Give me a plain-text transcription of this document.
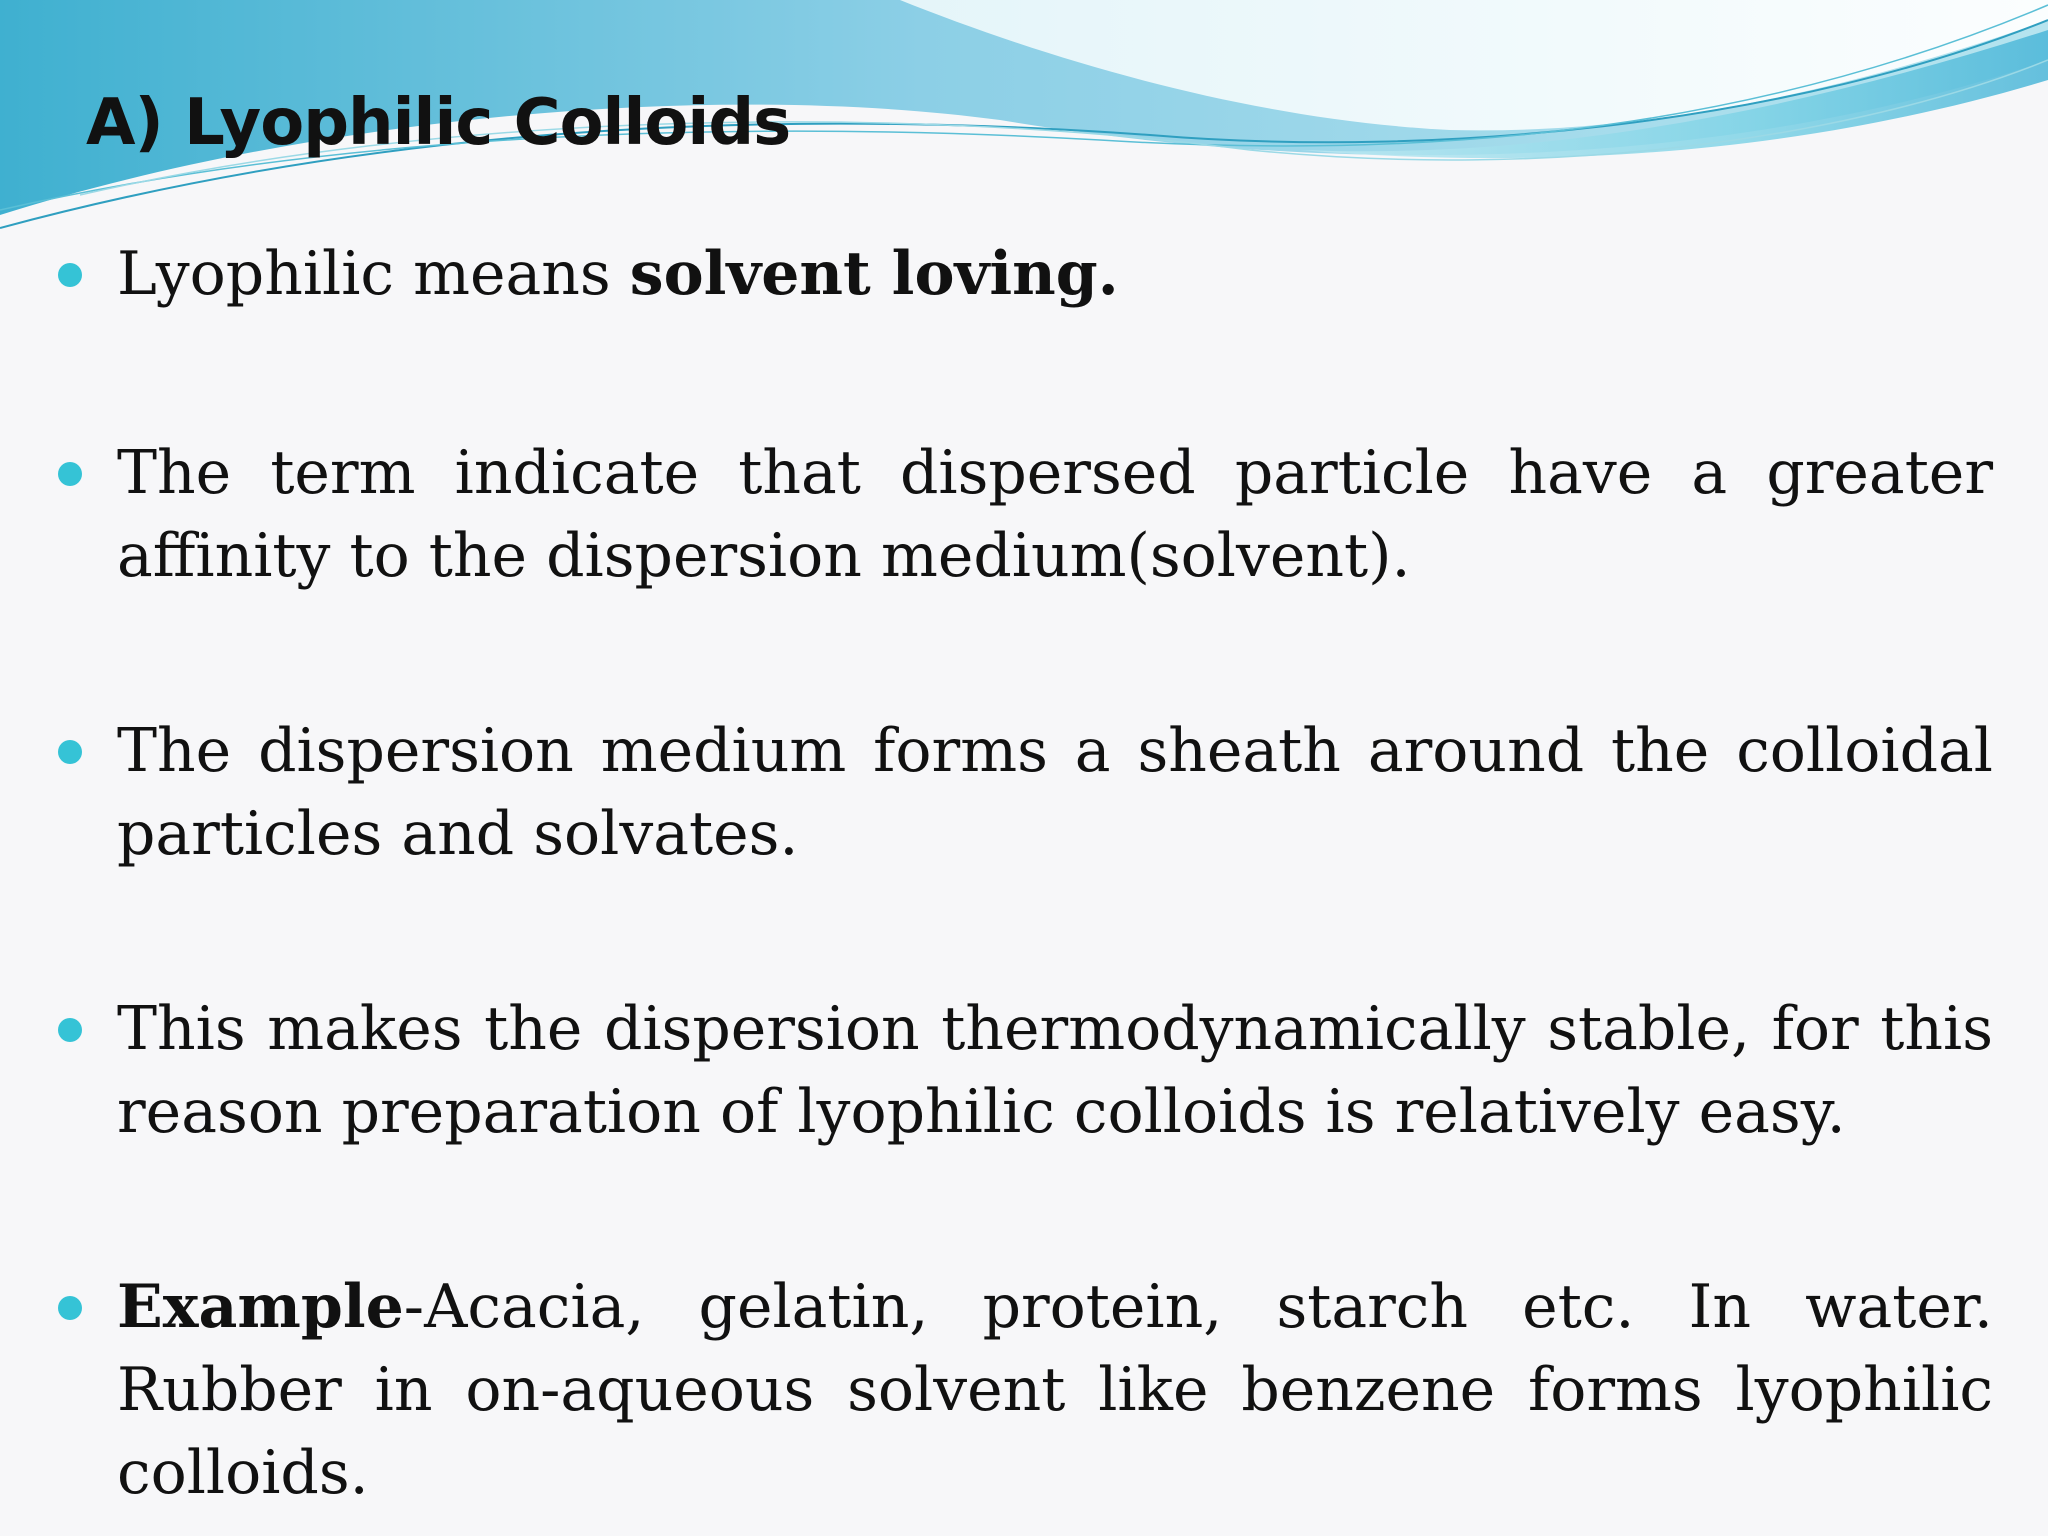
A) Lyophilic Colloids
Lyophilic means solvent loving.
The term indicate that dispersed particle have a greater affinity to the dispersion medium(solvent).
The dispersion medium forms a sheath around the colloidal particles and solvates.
This makes the dispersion thermodynamically stable, for this reason preparation of lyophilic colloids is relatively easy.
Example-Acacia, gelatin, protein, starch etc. In water. Rubber in on-aqueous solvent like benzene forms lyophilic colloids.
